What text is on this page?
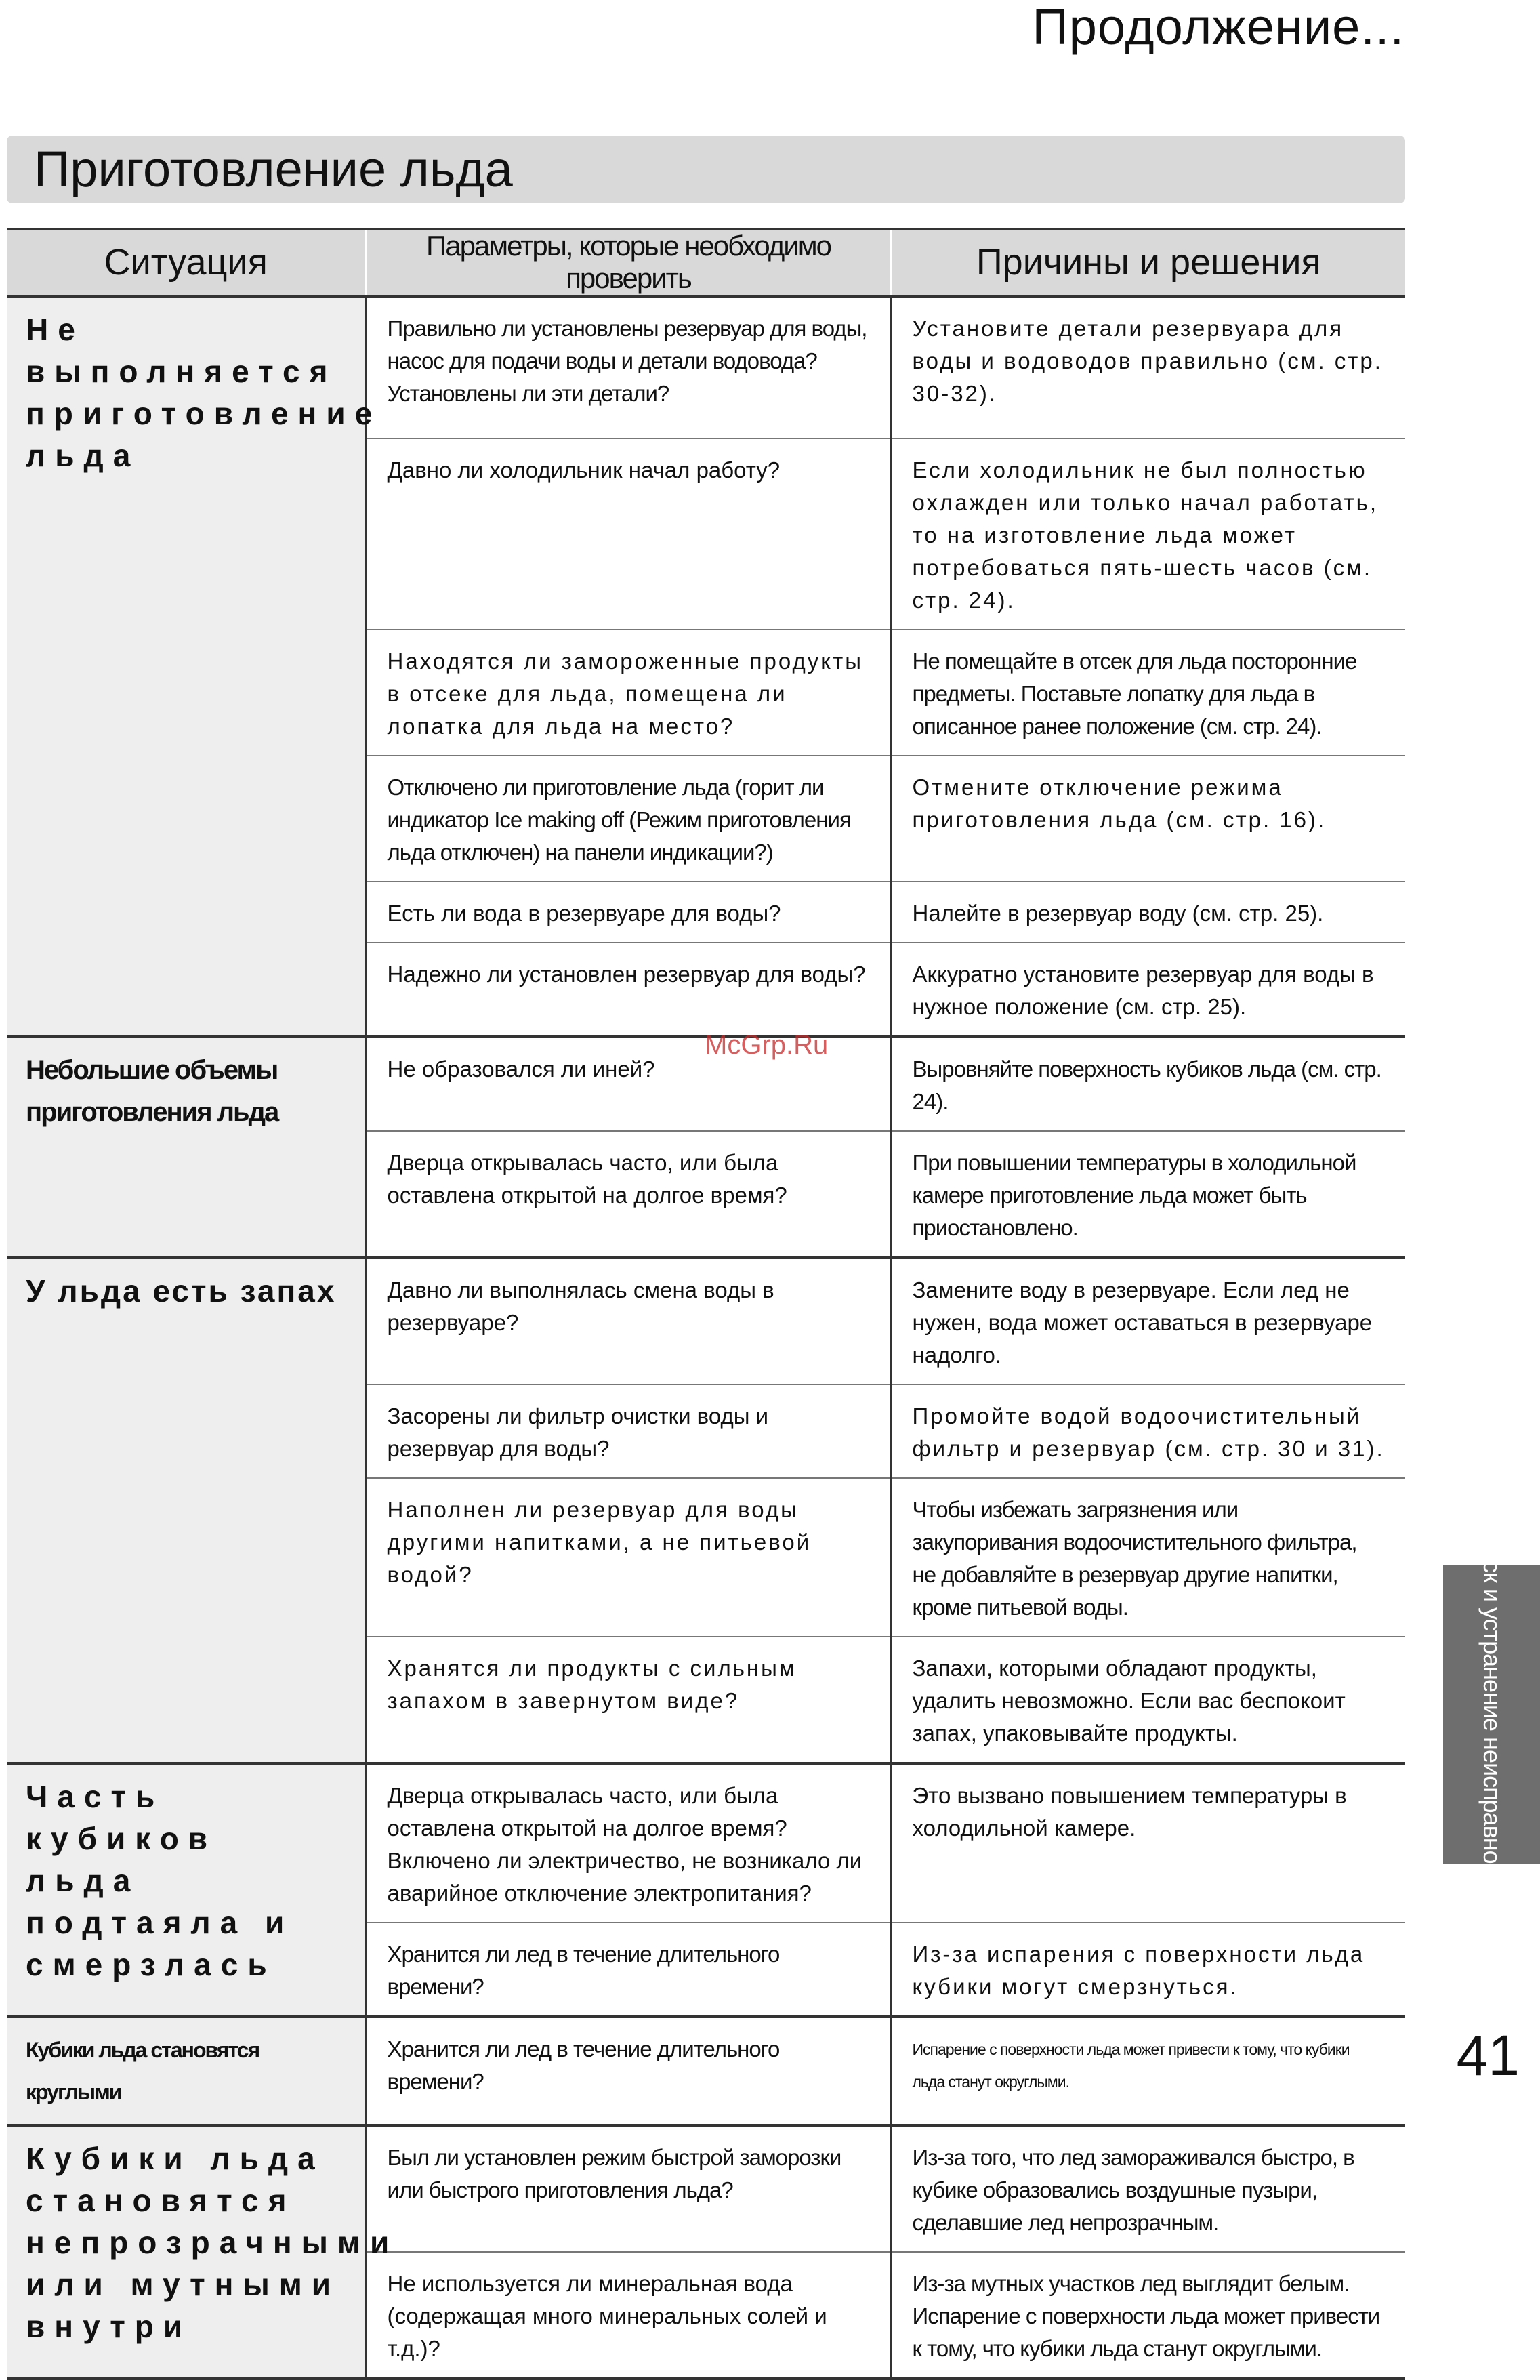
Продолжение...
Приготовление льда
Ситуация	Параметры, которые необходимо проверить	Причины и решения
Не выполняется приготовление льда	Правильно ли установлены резервуар для воды, насос для подачи воды и детали водовода? Установлены ли эти детали?	Установите детали резервуара для воды и водоводов правильно (см. стр. 30-32).
	Давно ли холодильник начал работу?	Если холодильник не был полностью охлажден или только начал работать, то на изготовление льда может потребоваться пять-шесть часов (см. стр. 24).
	Находятся ли замороженные продукты в отсеке для льда, помещена ли лопатка для льда на место?	Не помещайте в отсек для льда посторонние предметы. Поставьте лопатку для льда в описанное ранее положение (см. стр. 24).
	Отключено ли приготовление льда (горит ли индикатор Ice making off (Режим приготовления льда отключен) на панели индикации?)	Отмените отключение режима приготовления льда (см. стр. 16).
	Есть ли вода в резервуаре для воды?	Налейте в резервуар воду (см. стр. 25).
	Надежно ли установлен резервуар для воды?	Аккуратно установите резервуар для воды в нужное положение (см. стр. 25).
Небольшие объемы приготовления льда	Не образовался ли иней?	Выровняйте поверхность кубиков льда (см. стр. 24).
	Дверца открывалась часто, или была оставлена открытой на долгое время?	При повышении температуры в холодильной камере приготовление льда может быть приостановлено.
У льда есть запах	Давно ли выполнялась смена воды в резервуаре?	Замените воду в резервуаре. Если лед не нужен, вода может оставаться в резервуаре надолго.
	Засорены ли фильтр очистки воды и резервуар для воды?	Промойте водой водоочистительный фильтр и резервуар (см. стр. 30 и 31).
	Наполнен ли резервуар для воды другими напитками, а не питьевой водой?	Чтобы избежать загрязнения или закупоривания водоочистительного фильтра, не добавляйте в резервуар другие напитки, кроме питьевой воды.
	Хранятся ли продукты с сильным запахом в завернутом виде?	Запахи, которыми обладают продукты, удалить невозможно. Если вас беспокоит запах, упаковывайте продукты.
Часть кубиков льда подтаяла и смерзлась	Дверца открывалась часто, или была оставлена открытой на долгое время? Включено ли электричество, не возникало ли аварийное отключение электропитания?	Это вызвано повышением температуры в холодильной камере.
	Хранится ли лед в течение длительного времени?	Из-за испарения с поверхности льда кубики могут смерзнуться.
Кубики льда становятся круглыми	Хранится ли лед в течение длительного времени?	Испарение с поверхности льда может привести к тому, что кубики льда станут округлыми.
Кубики льда становятся непрозрачными или мутными внутри	Был ли установлен режим быстрой заморозки или быстрого приготовления льда?	Из-за того, что лед замораживался быстро, в кубике образовались воздушные пузыри, сделавшие лед непрозрачным.
	Не используется ли минеральная вода (содержащая много минеральных солей и т.д.)?	Из-за мутных участков лед выглядит белым. Испарение с поверхности льда может привести к тому, что кубики льда станут округлыми.
McGrp.Ru
Поиск и устранение неисправностей
41
